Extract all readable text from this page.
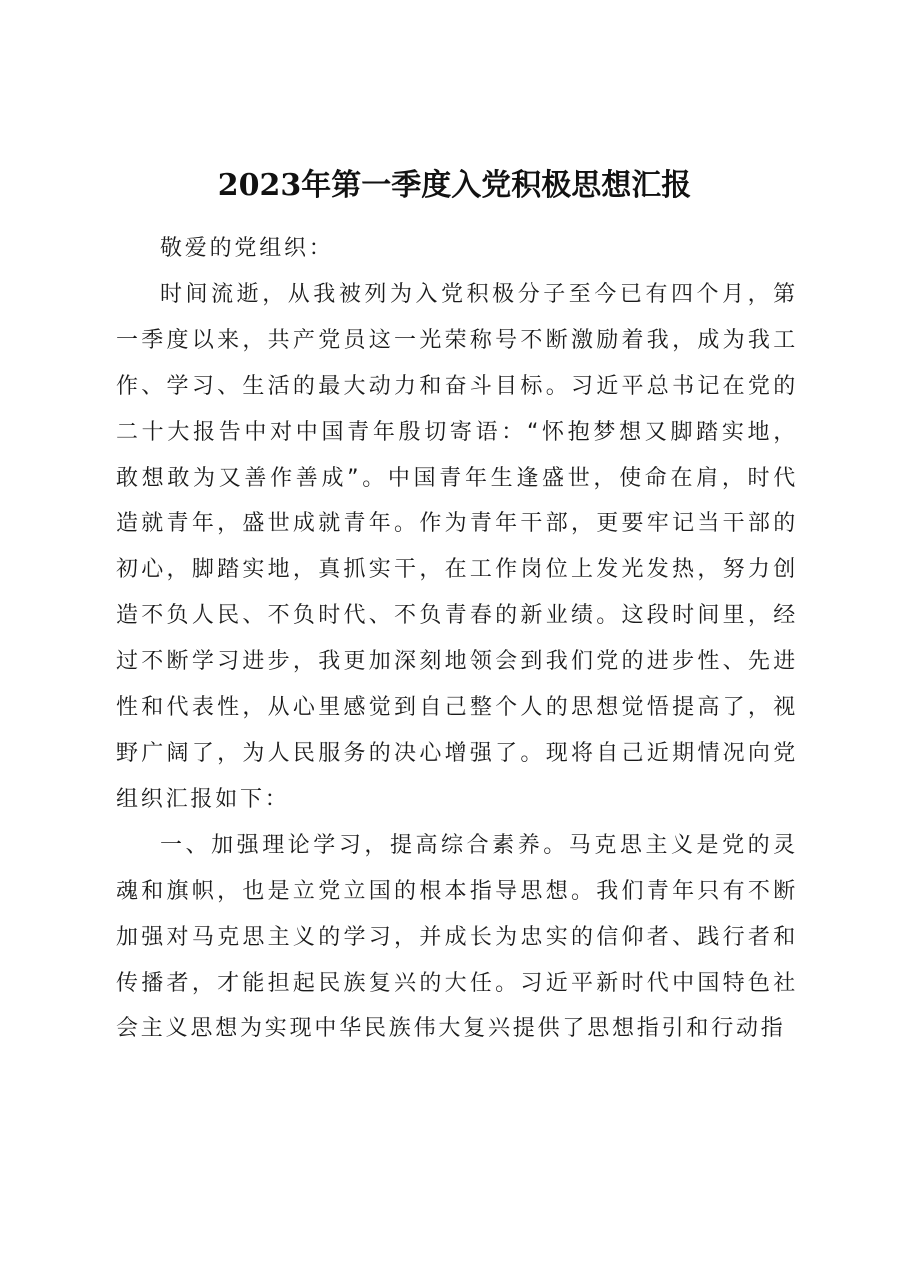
2023年第一季度入党积极思想汇报

敬爱的党组织：

时间流逝，从我被列为入党积极分子至今已有四个月，第一季度以来，共产党员这一光荣称号不断激励着我，成为我工作、学习、生活的最大动力和奋斗目标。习近平总书记在党的二十大报告中对中国青年殷切寄语：“怀抱梦想又脚踏实地，敢想敢为又善作善成”。中国青年生逢盛世，使命在肩，时代造就青年，盛世成就青年。作为青年干部，更要牢记当干部的初心，脚踏实地，真抓实干，在工作岗位上发光发热，努力创造不负人民、不负时代、不负青春的新业绩。这段时间里，经过不断学习进步，我更加深刻地领会到我们党的进步性、先进性和代表性，从心里感觉到自己整个人的思想觉悟提高了，视野广阔了，为人民服务的决心增强了。现将自己近期情况向党组织汇报如下：

一、加强理论学习，提高综合素养。马克思主义是党的灵魂和旗帜，也是立党立国的根本指导思想。我们青年只有不断加强对马克思主义的学习，并成长为忠实的信仰者、践行者和传播者，才能担起民族复兴的大任。习近平新时代中国特色社会主义思想为实现中华民族伟大复兴提供了思想指引和行动指
